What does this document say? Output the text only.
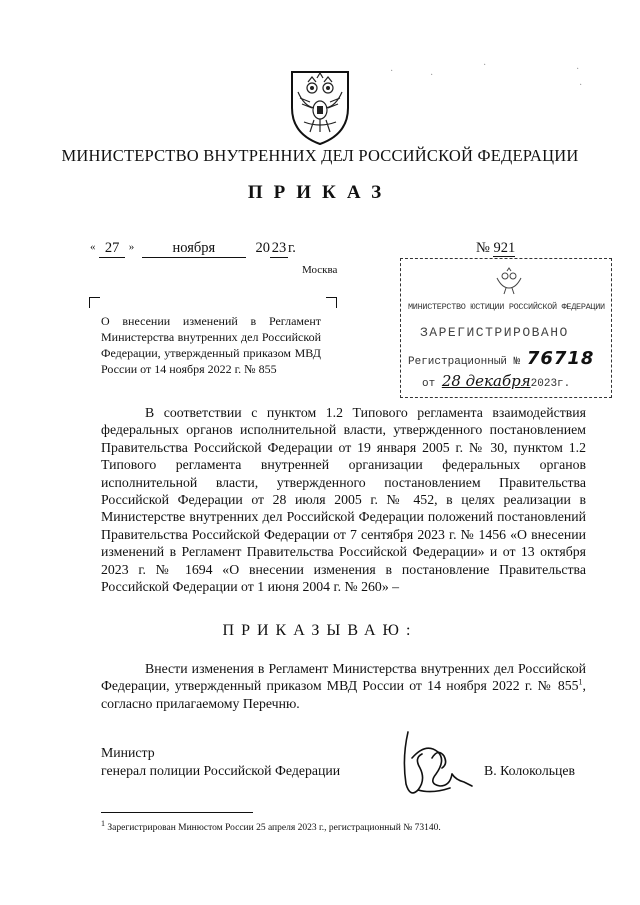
·	·
·	·
·
МИНИСТЕРСТВО ВНУТРЕННИХ ДЕЛ РОССИЙСКОЙ ФЕДЕРАЦИИ
ПРИКАЗ
« 27 »	ноября	20 23 г.
Москва
№ 921
МИНИСТЕРСТВО ЮСТИЦИИ РОССИЙСКОЙ ФЕДЕРАЦИИ
ЗАРЕГИСТРИРОВАНО
Регистрационный № 76718
от 28 декабря2023г.
О внесении изменений в Регламент Министерства внутренних дел Российской Федерации, утвержденный приказом МВД России от 14 ноября 2022 г. № 855
В соответствии с пунктом 1.2 Типового регламента взаимодействия федеральных органов исполнительной власти, утвержденного постановлением Правительства Российской Федерации от 19 января 2005 г. № 30, пунктом 1.2 Типового регламента внутренней организации федеральных органов исполнительной власти, утвержденного постановлением Правительства Российской Федерации от 28 июля 2005 г. № 452, в целях реализации в Министерстве внутренних дел Российской Федерации положений постановлений Правительства Российской Федерации от 7 сентября 2023 г. № 1456 «О внесении изменений в Регламент Правительства Российской Федерации» и от 13 октября 2023 г. № 1694 «О внесении изменения в постановление Правительства Российской Федерации от 1 июня 2004 г. № 260» –
ПРИКАЗЫВАЮ:
Внести изменения в Регламент Министерства внутренних дел Российской Федерации, утвержденный приказом МВД России от 14 ноября 2022 г. № $855^1$, согласно прилагаемому Перечню.
Министр
генерал полиции Российской Федерации	В. Колокольцев
$^1$ Зарегистрирован Минюстом России 25 апреля 2023 г., регистрационный № 73140.
